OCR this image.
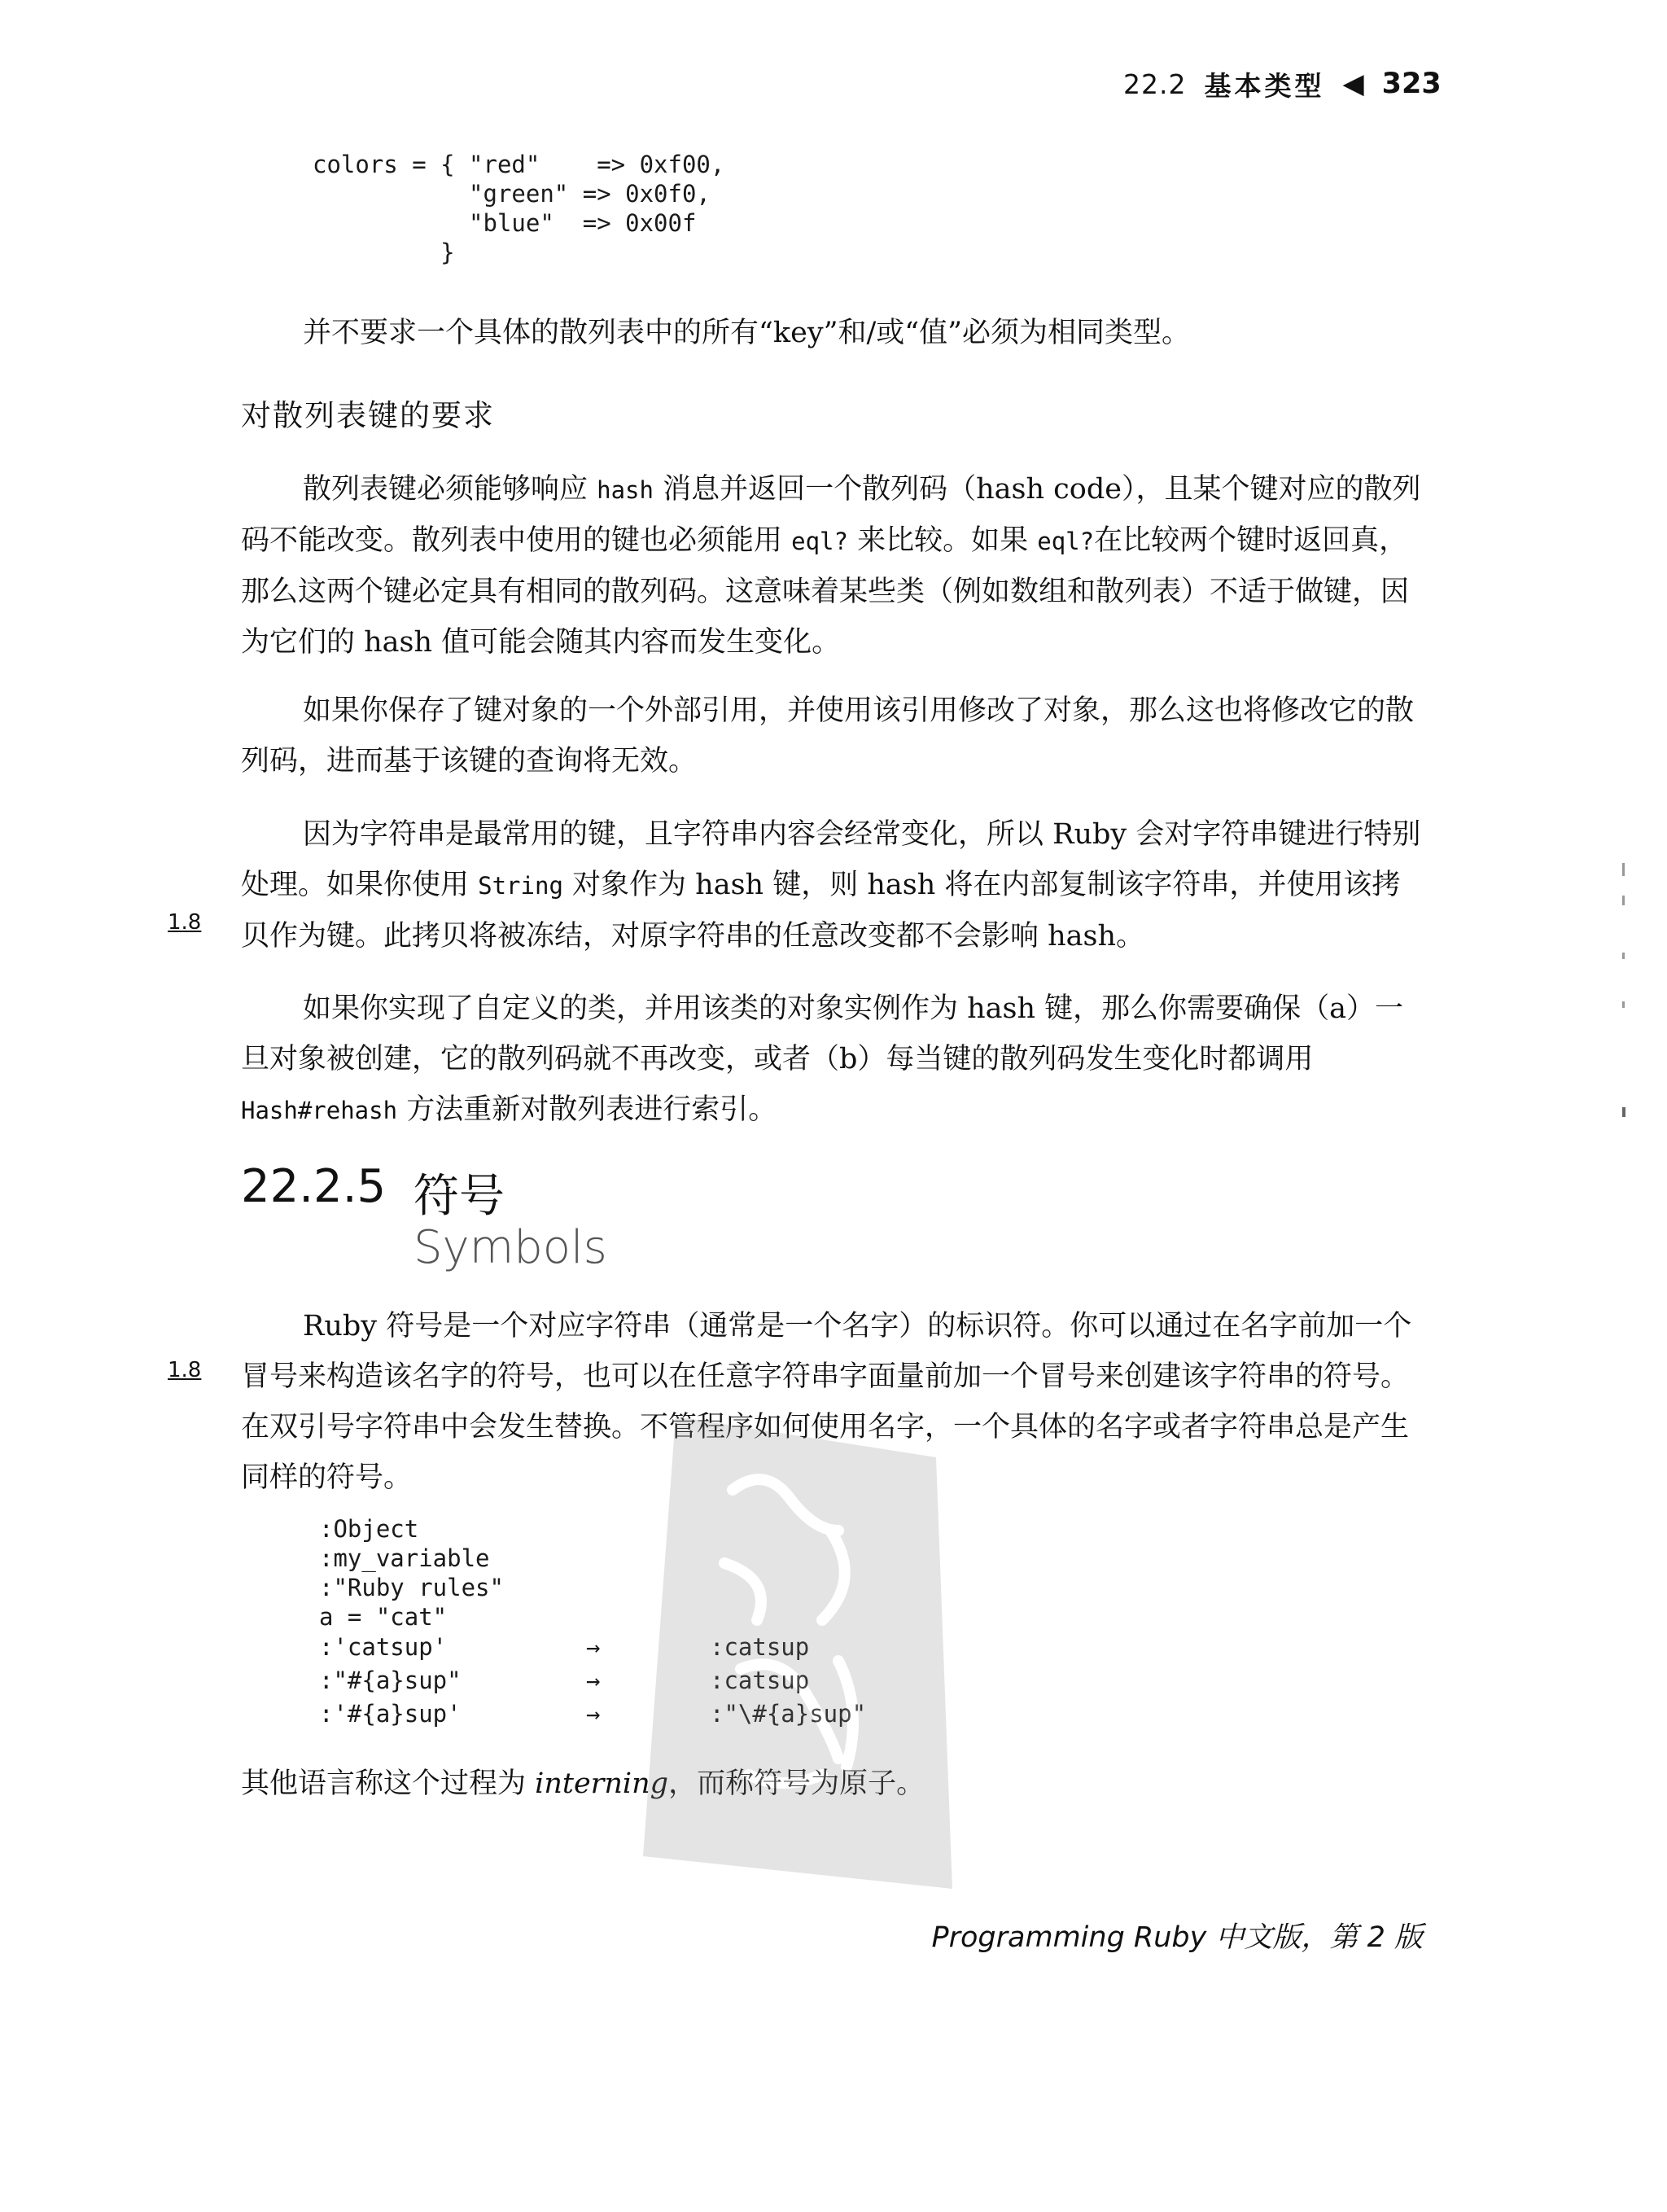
22.2 基本类型 ◀ 323
colors = { "red"    => 0xf00,
"green" => 0x0f0,
"blue"  => 0x00f
}
并不要求一个具体的散列表中的所有“key”和/或“值”必须为相同类型。
对散列表键的要求
散列表键必须能够响应 hash 消息并返回一个散列码（hash code），且某个键对应的散列码不能改变。散列表中使用的键也必须能用 eql? 来比较。如果 eql?在比较两个键时返回真，那么这两个键必定具有相同的散列码。这意味着某些类（例如数组和散列表）不适于做键，因为它们的 hash 值可能会随其内容而发生变化。
如果你保存了键对象的一个外部引用，并使用该引用修改了对象，那么这也将修改它的散列码，进而基于该键的查询将无效。
因为字符串是最常用的键，且字符串内容会经常变化，所以 Ruby 会对字符串键进行特别处理。如果你使用 String 对象作为 hash 键，则 hash 将在内部复制该字符串，并使用该拷贝作为键。此拷贝将被冻结，对原字符串的任意改变都不会影响 hash。
如果你实现了自定义的类，并用该类的对象实例作为 hash 键，那么你需要确保（a）一旦对象被创建，它的散列码就不再改变，或者（b）每当键的散列码发生变化时都调用 Hash#rehash 方法重新对散列表进行索引。
22.2.5 符号
Symbols
Ruby 符号是一个对应字符串（通常是一个名字）的标识符。你可以通过在名字前加一个冒号来构造该名字的符号，也可以在任意字符串字面量前加一个冒号来创建该字符串的符号。在双引号字符串中会发生替换。不管程序如何使用名字，一个具体的名字或者字符串总是产生同样的符号。
:Object
:my_variable
:"Ruby rules"
a = "cat"
:'catsup'	→	:catsup
:"#{a}sup"	→	:catsup
:'#{a}sup'	→	:"\#{a}sup"
其他语言称这个过程为 interning，而称符号为原子。
1.8
1.8
Programming Ruby 中文版，第 2 版
